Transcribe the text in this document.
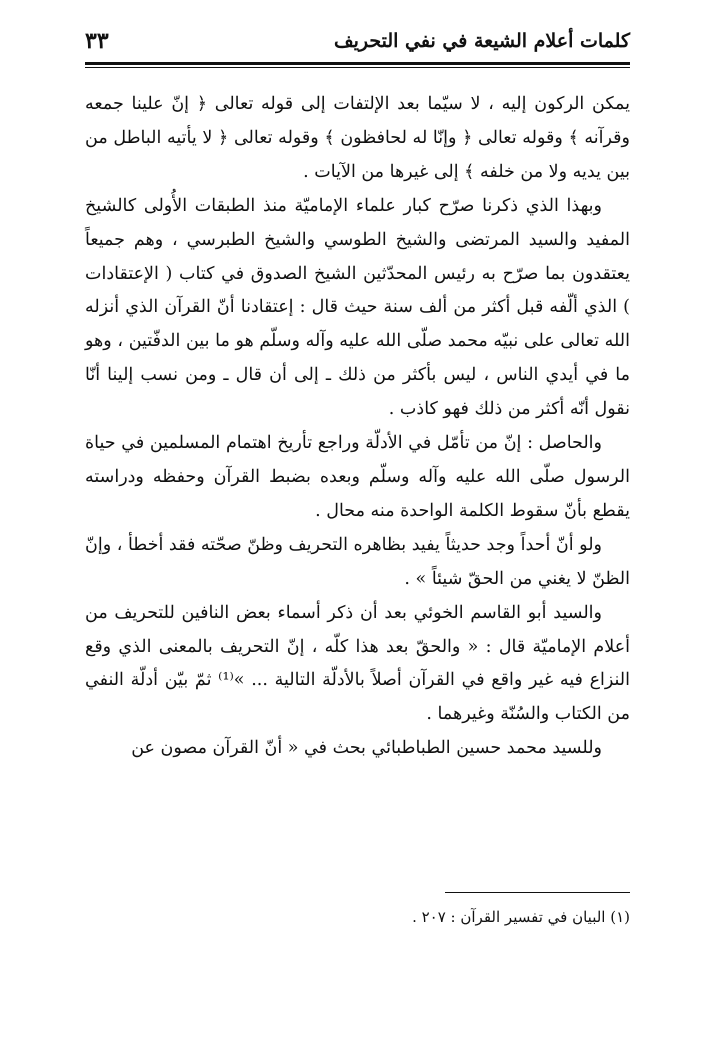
كلمات أعلام الشيعة في نفي التحريف
٣٣

يمكن الركون إليه ، لا سيّما بعد الإلتفات إلى قوله تعالى ﴿ إنّ علينا جمعه وقرآنه ﴾ وقوله تعالى ﴿ وإنّا له لحافظون ﴾ وقوله تعالى ﴿ لا يأتيه الباطل من بين يديه ولا من خلفه ﴾ إلى غيرها من الآيات .

وبهذا الذي ذكرنا صرّح كبار علماء الإماميّة منذ الطبقات الأُولى كالشيخ المفيد والسيد المرتضى والشيخ الطوسي والشيخ الطبرسي ، وهم جميعاً يعتقدون بما صرّح به رئيس المحدّثين الشيخ الصدوق في كتاب ( الإعتقادات ) الذي ألّفه قبل أكثر من ألف سنة حيث قال : إعتقادنا أنّ القرآن الذي أنزله الله تعالى على نبيّه محمد صلّى الله عليه وآله وسلّم هو ما بين الدفّتين ، وهو ما في أيدي الناس ، ليس بأكثر من ذلك ـ إلى أن قال ـ ومن نسب إلينا أنّا نقول أنّه أكثر من ذلك فهو كاذب .

والحاصل : إنّ من تأمّل في الأدلّة وراجع تأريخ اهتمام المسلمين في حياة الرسول صلّى الله عليه وآله وسلّم وبعده بضبط القرآن وحفظه ودراسته يقطع بأنّ سقوط الكلمة الواحدة منه محال .

ولو أنّ أحداً وجد حديثاً يفيد بظاهره التحريف وظنّ صحّته فقد أخطأ ، وإنّ الظنّ لا يغني من الحقّ شيئاً » .

والسيد أبو القاسم الخوئي بعد أن ذكر أسماء بعض النافين للتحريف من أعلام الإماميّة قال : « والحقّ بعد هذا كلّه ، إنّ التحريف بالمعنى الذي وقع النزاع فيه غير واقع في القرآن أصلاً بالأدلّة التالية ... »⁽¹⁾ ثمّ بيّن أدلّة النفي من الكتاب والسُنّة وغيرهما .

وللسيد محمد حسين الطباطبائي بحث في « أنّ القرآن مصون عن

(١) البيان في تفسير القرآن : ٢٠٧ .
